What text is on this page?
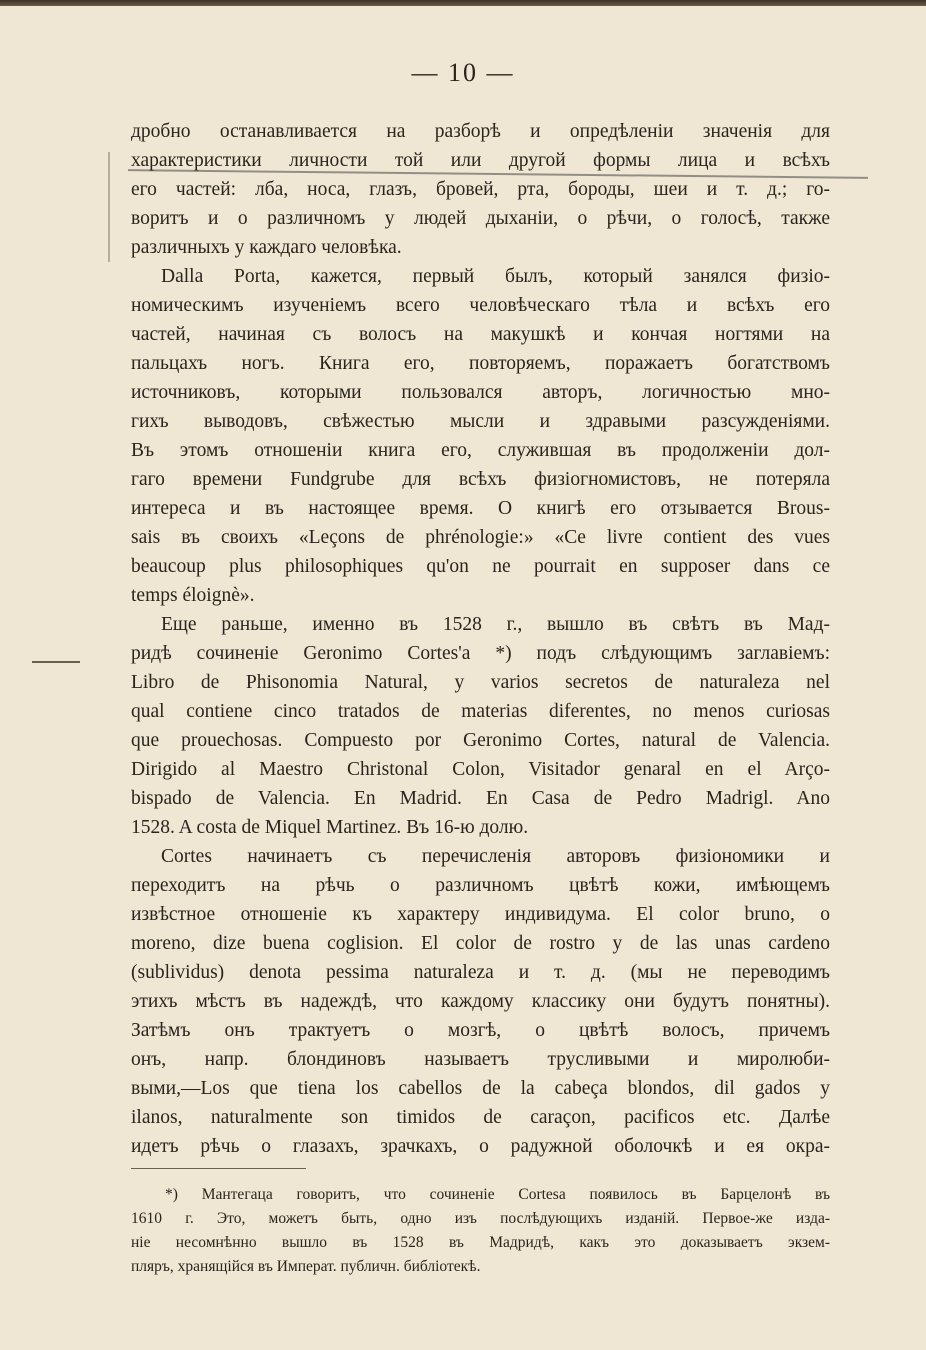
— 10 —
дробно останавливается на разборѣ и опредѣленіи значенія для
характеристики личности той или другой формы лица и всѣхъ
его частей: лба, носа, глазъ, бровей, рта, бороды, шеи и т. д.; го-
воритъ и о различномъ у людей дыханіи, о рѣчи, о голосѣ, также
различныхъ у каждаго человѣка.
Dalla Porta, кажется, первый былъ, который занялся физіо-
номическимъ изученіемъ всего человѣческаго тѣла и всѣхъ его
частей, начиная съ волосъ на макушкѣ и кончая ногтями на
пальцахъ ногъ. Книга его, повторяемъ, поражаетъ богатствомъ
источниковъ, которыми пользовался авторъ, логичностью мно-
гихъ выводовъ, свѣжестью мысли и здравыми разсужденіями.
Въ этомъ отношеніи книга его, служившая въ продолженіи дол-
гаго времени Fundgrube для всѣхъ физіогномистовъ, не потеряла
интереса и въ настоящее время. О книгѣ его отзывается Brous-
sais въ своихъ «Leçons de phrénologie:» «Ce livre contient des vues
beaucoup plus philosophiques qu'on ne pourrait en supposer dans ce
temps éloignè».
Еще раньше, именно въ 1528 г., вышло въ свѣтъ въ Мад-
ридѣ сочиненіе Geronimo Cortes'a *) подъ слѣдующимъ заглавіемъ:
Libro de Phisonomia Natural, y varios secretos de naturaleza nel
qual contiene cinco tratados de materias diferentes, no menos curiosas
que prouechosas. Compuesto por Geronimo Cortes, natural de Valencia.
Dirigido al Maestro Christonal Colon, Visitador genaral en el Arço-
bispado de Valencia. En Madrid. En Casa de Pedro Madrigl. Ano
1528. A costa de Miquel Martinez. Въ 16-ю долю.
Cortes начинаетъ съ перечисленія авторовъ физіономики и
переходитъ на рѣчь о различномъ цвѣтѣ кожи, имѣющемъ
извѣстное отношеніе къ характеру индивидума. El color bruno, o
moreno, dize buena coglision. El color de rostro y de las unas cardeno
(sublividus) denota pessima naturaleza и т. д. (мы не переводимъ
этихъ мѣстъ въ надеждѣ, что каждому классику они будутъ понятны).
Затѣмъ онъ трактуетъ о мозгѣ, о цвѣтѣ волосъ, причемъ
онъ, напр. блондиновъ называетъ трусливыми и миролюби-
выми,—Los que tiena los cabellos de la cabeça blondos, dil gados y
ilanos, naturalmente son timidos de caraçon, pacificos etc. Далѣе
идетъ рѣчь о глазахъ, зрачкахъ, о радужной оболочкѣ и ея окра-
*) Мантегаца говоритъ, что сочиненіе Cortesa появилось въ Барцелонѣ въ
1610 г. Это, можетъ быть, одно изъ послѣдующихъ изданій. Первое-же изда-
ніе несомнѣнно вышло въ 1528 въ Мадридѣ, какъ это доказываетъ экзем-
пляръ, хранящійся въ Императ. публичн. библіотекѣ.
